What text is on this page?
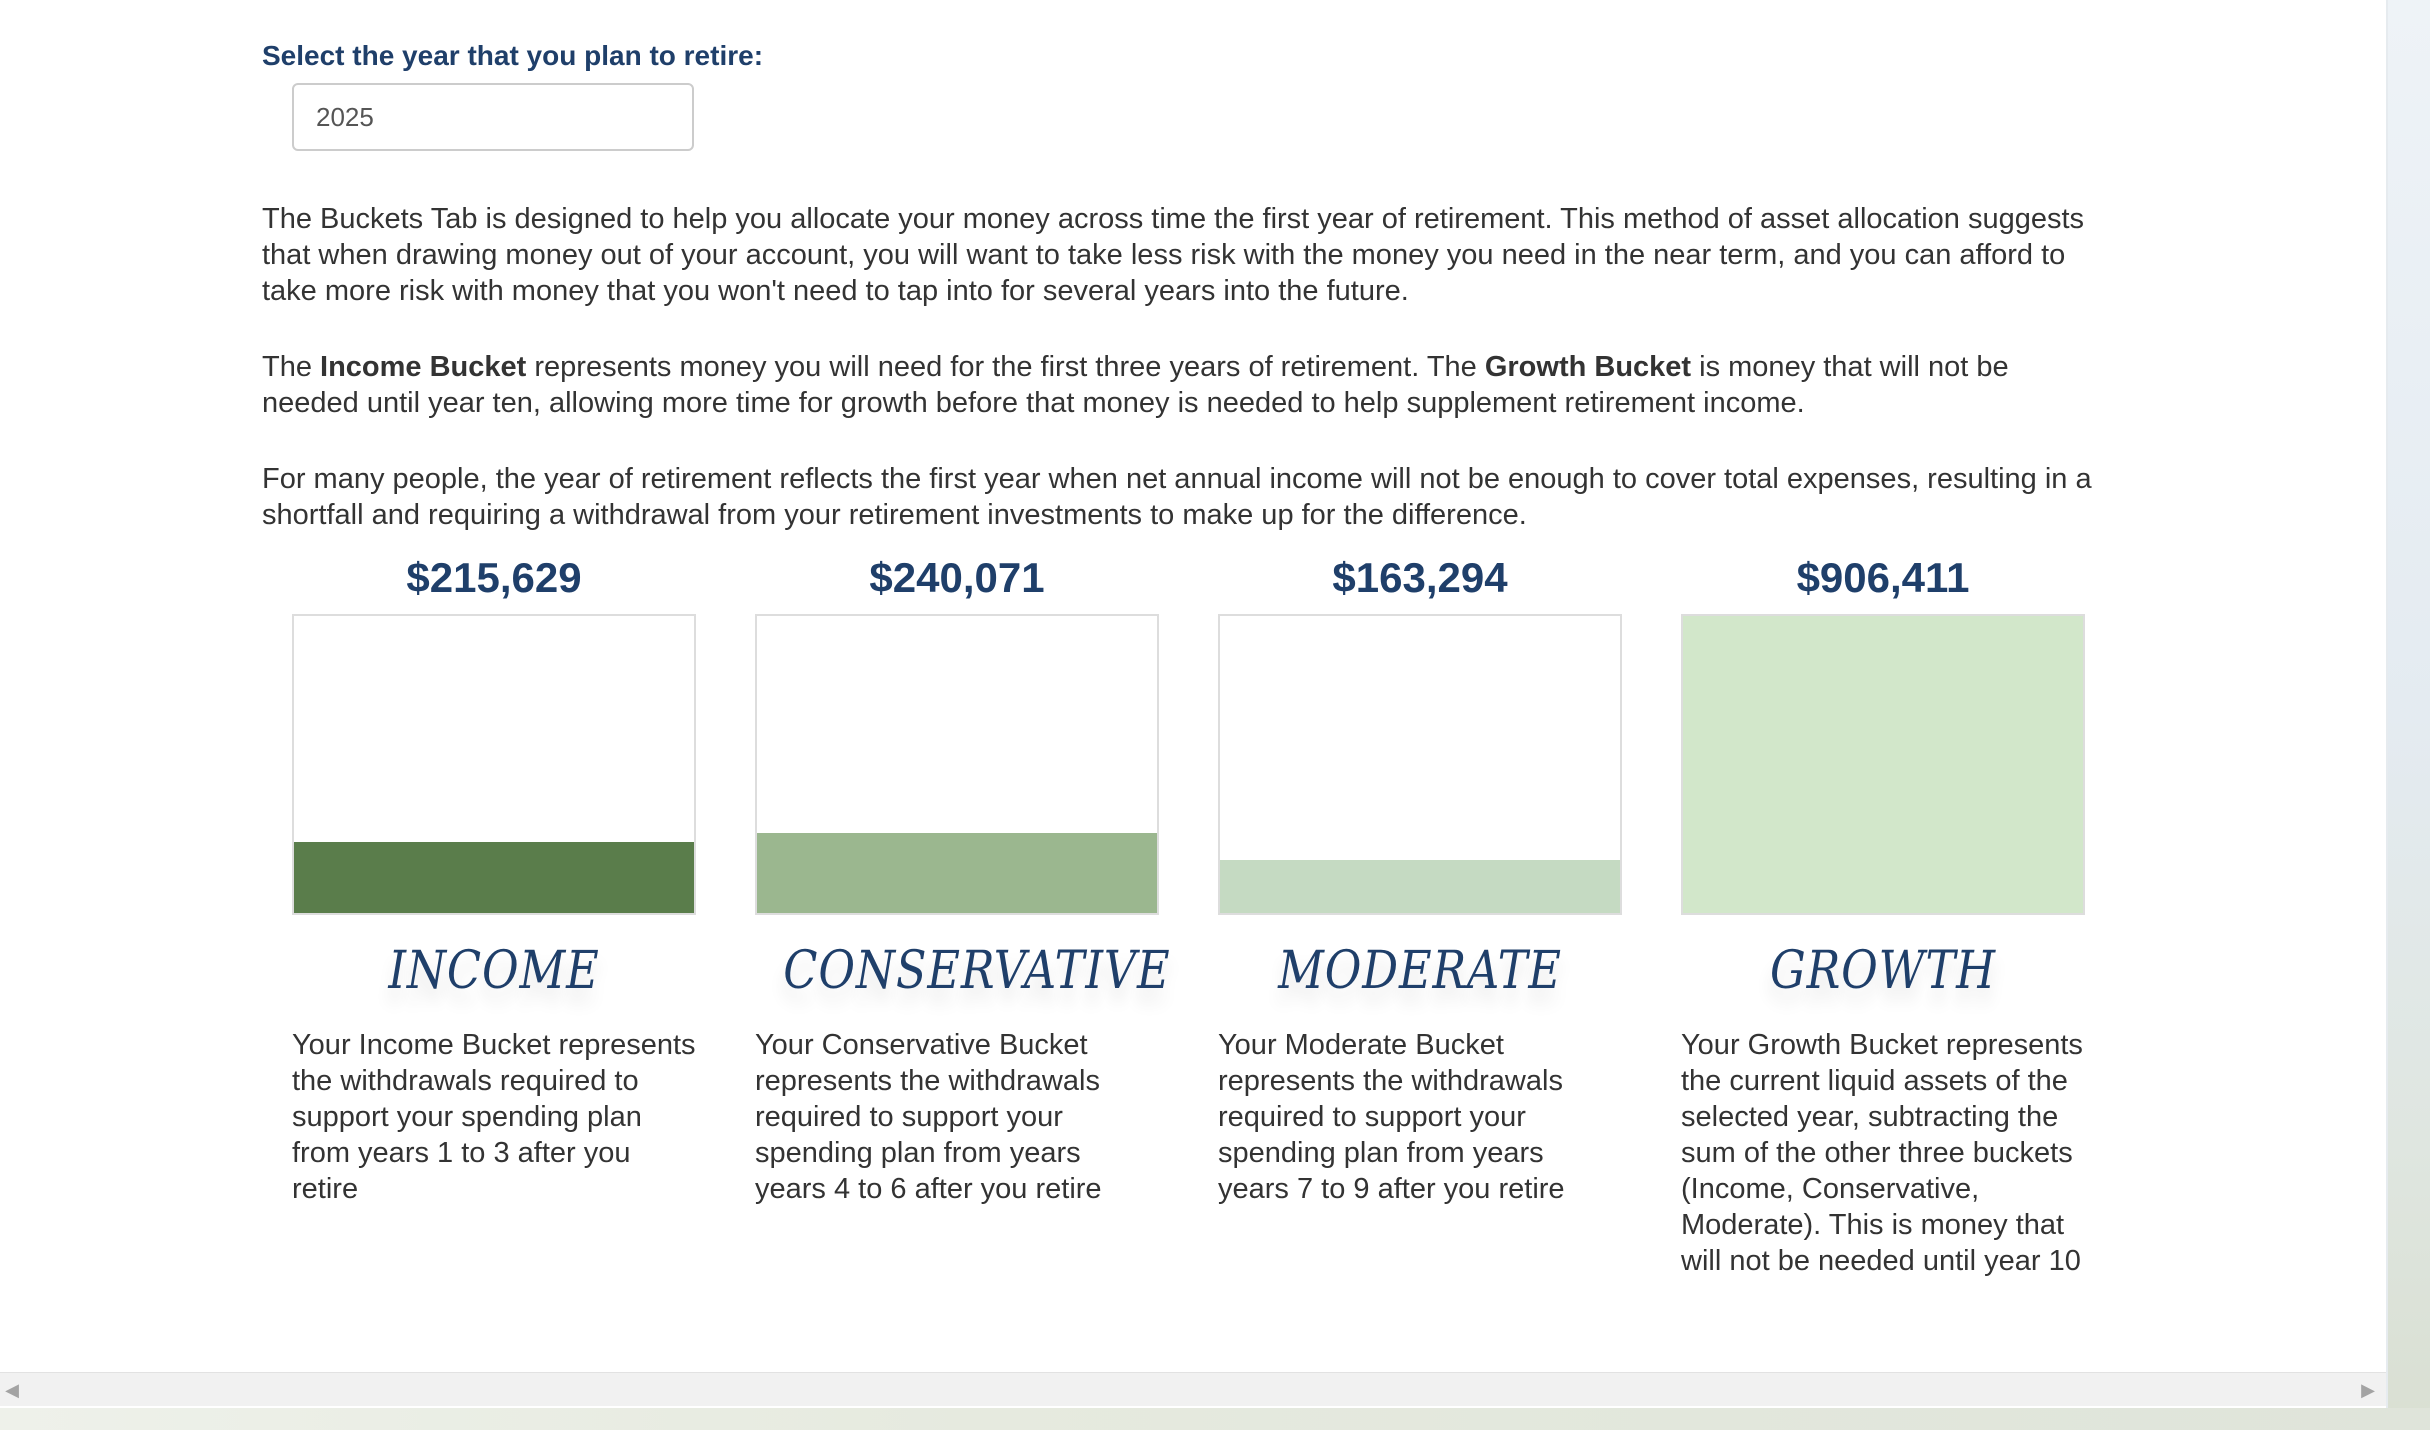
Select the year that you plan to retire:
2025

The Buckets Tab is designed to help you allocate your money across time the first year of retirement. This method of asset allocation suggests that when drawing money out of your account, you will want to take less risk with the money you need in the near term, and you can afford to take more risk with money that you won't need to tap into for several years into the future.

The Income Bucket represents money you will need for the first three years of retirement. The Growth Bucket is money that will not be needed until year ten, allowing more time for growth before that money is needed to help supplement retirement income.

For many people, the year of retirement reflects the first year when net annual income will not be enough to cover total expenses, resulting in a shortfall and requiring a withdrawal from your retirement investments to make up for the difference.

$215,629
INCOME
Your Income Bucket represents the withdrawals required to support your spending plan from years 1 to 3 after you retire
$240,071
CONSERVATIVE
Your Conservative Bucket represents the withdrawals required to support your spending plan from years years 4 to 6 after you retire
$163,294
MODERATE
Your Moderate Bucket represents the withdrawals required to support your spending plan from years years 7 to 9 after you retire
$906,411
GROWTH
Your Growth Bucket represents the current liquid assets of the selected year, subtracting the sum of the other three buckets (Income, Conservative, Moderate). This is money that will not be needed until year 10
◀	▶
